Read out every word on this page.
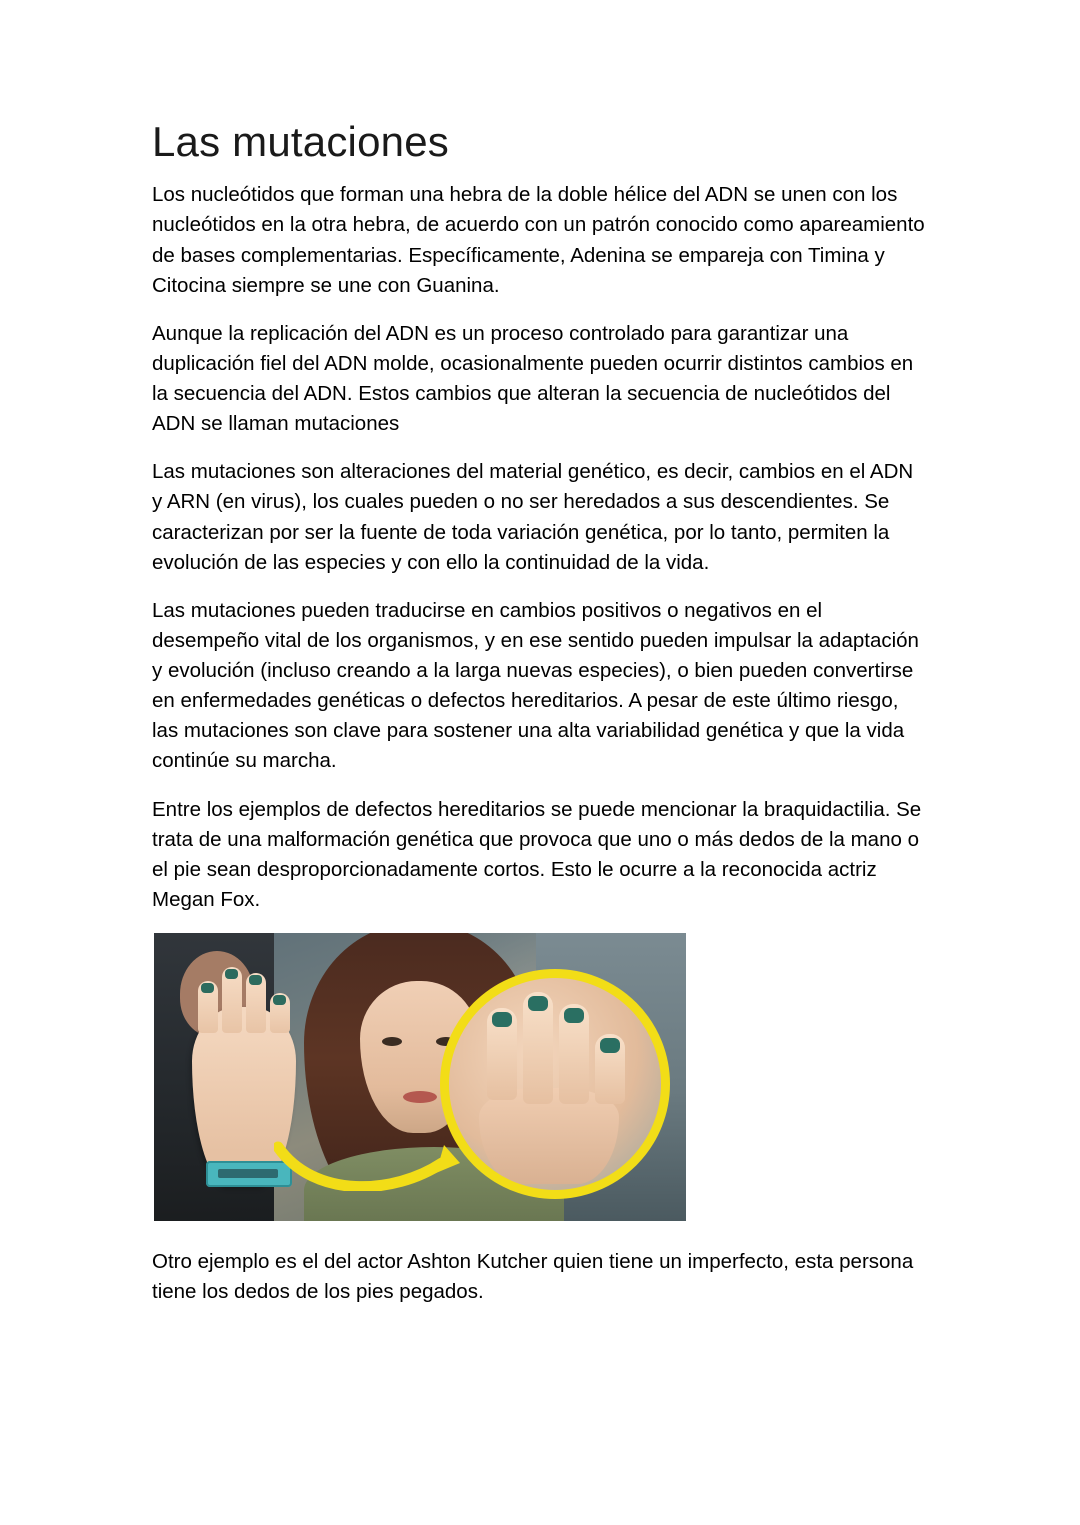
Las mutaciones

Los nucleótidos que forman una hebra de la doble hélice del ADN se unen con los nucleótidos en la otra hebra, de acuerdo con un patrón conocido como apareamiento de bases complementarias. Específicamente, Adenina se empareja con Timina y Citocina siempre se une con Guanina.

Aunque la replicación del ADN es un proceso controlado para garantizar una duplicación fiel del ADN molde, ocasionalmente pueden ocurrir distintos cambios en la secuencia del ADN. Estos cambios que alteran la secuencia de nucleótidos del ADN se llaman mutaciones

Las mutaciones son alteraciones del material genético, es decir, cambios en el ADN y ARN (en virus), los cuales pueden o no ser heredados a sus descendientes. Se caracterizan por ser la fuente de toda variación genética, por lo tanto, permiten la evolución de las especies y con ello la continuidad de la vida.

Las mutaciones pueden traducirse en cambios positivos o negativos en el desempeño vital de los organismos, y en ese sentido pueden impulsar la adaptación y evolución (incluso creando a la larga nuevas especies), o bien pueden convertirse en enfermedades genéticas o defectos hereditarios. A pesar de este último riesgo, las mutaciones son clave para sostener una alta variabilidad genética y que la vida continúe su marcha.

Entre los ejemplos de defectos hereditarios se puede mencionar la braquidactilia. Se trata de una malformación genética que provoca que uno o más dedos de la mano o el pie sean desproporcionadamente cortos. Esto le ocurre a la reconocida actriz Megan Fox.

Otro ejemplo es el del actor Ashton Kutcher quien tiene un imperfecto, esta persona tiene los dedos de los pies pegados.
